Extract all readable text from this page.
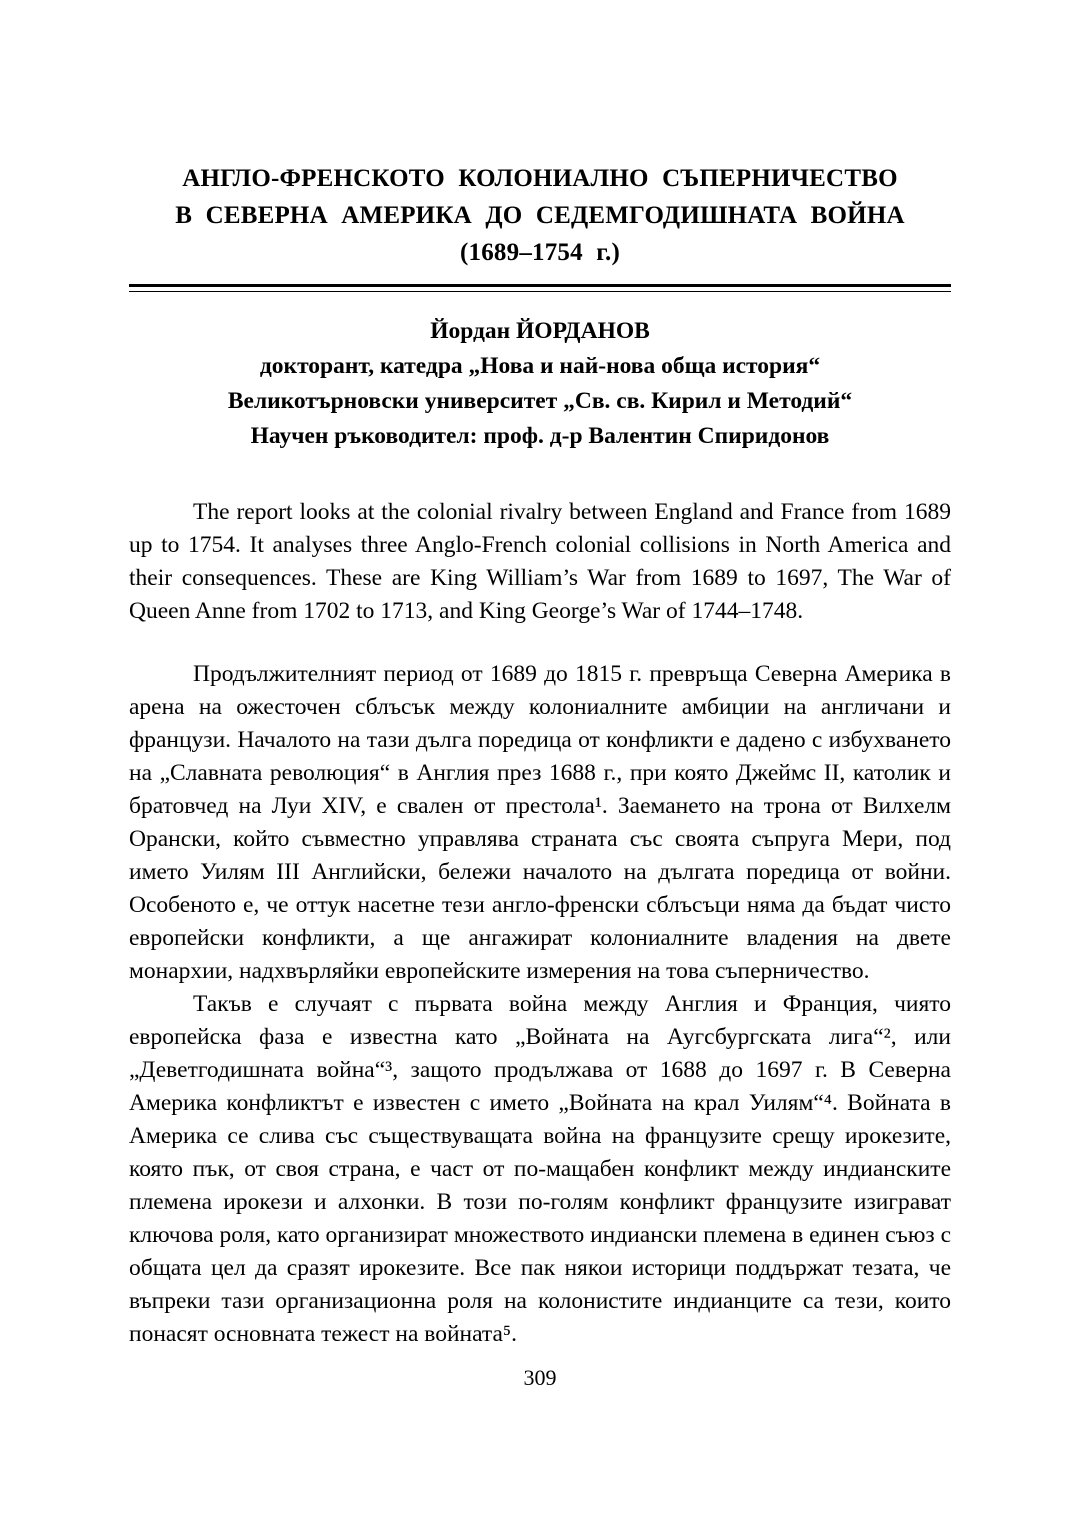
АНГЛО-ФРЕНСКОТО КОЛОНИАЛНО СЪПЕРНИЧЕСТВО
В СЕВЕРНА АМЕРИКА ДО СЕДЕМГОДИШНАТА ВОЙНА
(1689–1754 г.)
Йордан ЙОРДАНОВ
докторант, катедра „Нова и най-нова обща история“
Великотърновски университет „Св. св. Кирил и Методий“
Научен ръководител: проф. д-р Валентин Спиридонов
The report looks at the colonial rivalry between England and France from 1689 up to 1754. It analyses three Anglo-French colonial collisions in North America and their consequences. These are King William’s War from 1689 to 1697, The War of Queen Anne from 1702 to 1713, and King George’s War of 1744–1748.

Продължителният период от 1689 до 1815 г. превръща Северна Америка в арена на ожесточен сблъсък между колониалните амбиции на англичани и французи. Началото на тази дълга поредица от конфликти е дадено с избухването на „Славната революция“ в Англия през 1688 г., при която Джеймс II, католик и братовчед на Луи XIV, е свален от престола¹. Заемането на трона от Вилхелм Орански, който съвместно управлява страната със своята съпруга Мери, под името Уилям III Английски, бележи началото на дългата поредица от войни. Особеното е, че оттук насетне тези англо-френски сблъсъци няма да бъдат чисто европейски конфликти, а ще ангажират колониалните владения на двете монархии, надхвърляйки европейските измерения на това съперничество.

Такъв е случаят с първата война между Англия и Франция, чиято европейска фаза е известна като „Войната на Аугсбургската лига“², или „Деветгодишната война“³, защото продължава от 1688 до 1697 г. В Северна Америка конфликтът е известен с името „Войната на крал Уилям“⁴. Войната в Америка се слива със съществуващата война на французите срещу ирокезите, която пък, от своя страна, е част от по-мащабен конфликт между индианските племена ирокези и алхонки. В този по-голям конфликт французите изиграват ключова роля, като организират множеството индиански племена в единен съюз с общата цел да сразят ирокезите. Все пак някои историци поддържат тезата, че въпреки тази организационна роля на колонистите индианците са тези, които понасят основната тежест на войната⁵.

309
